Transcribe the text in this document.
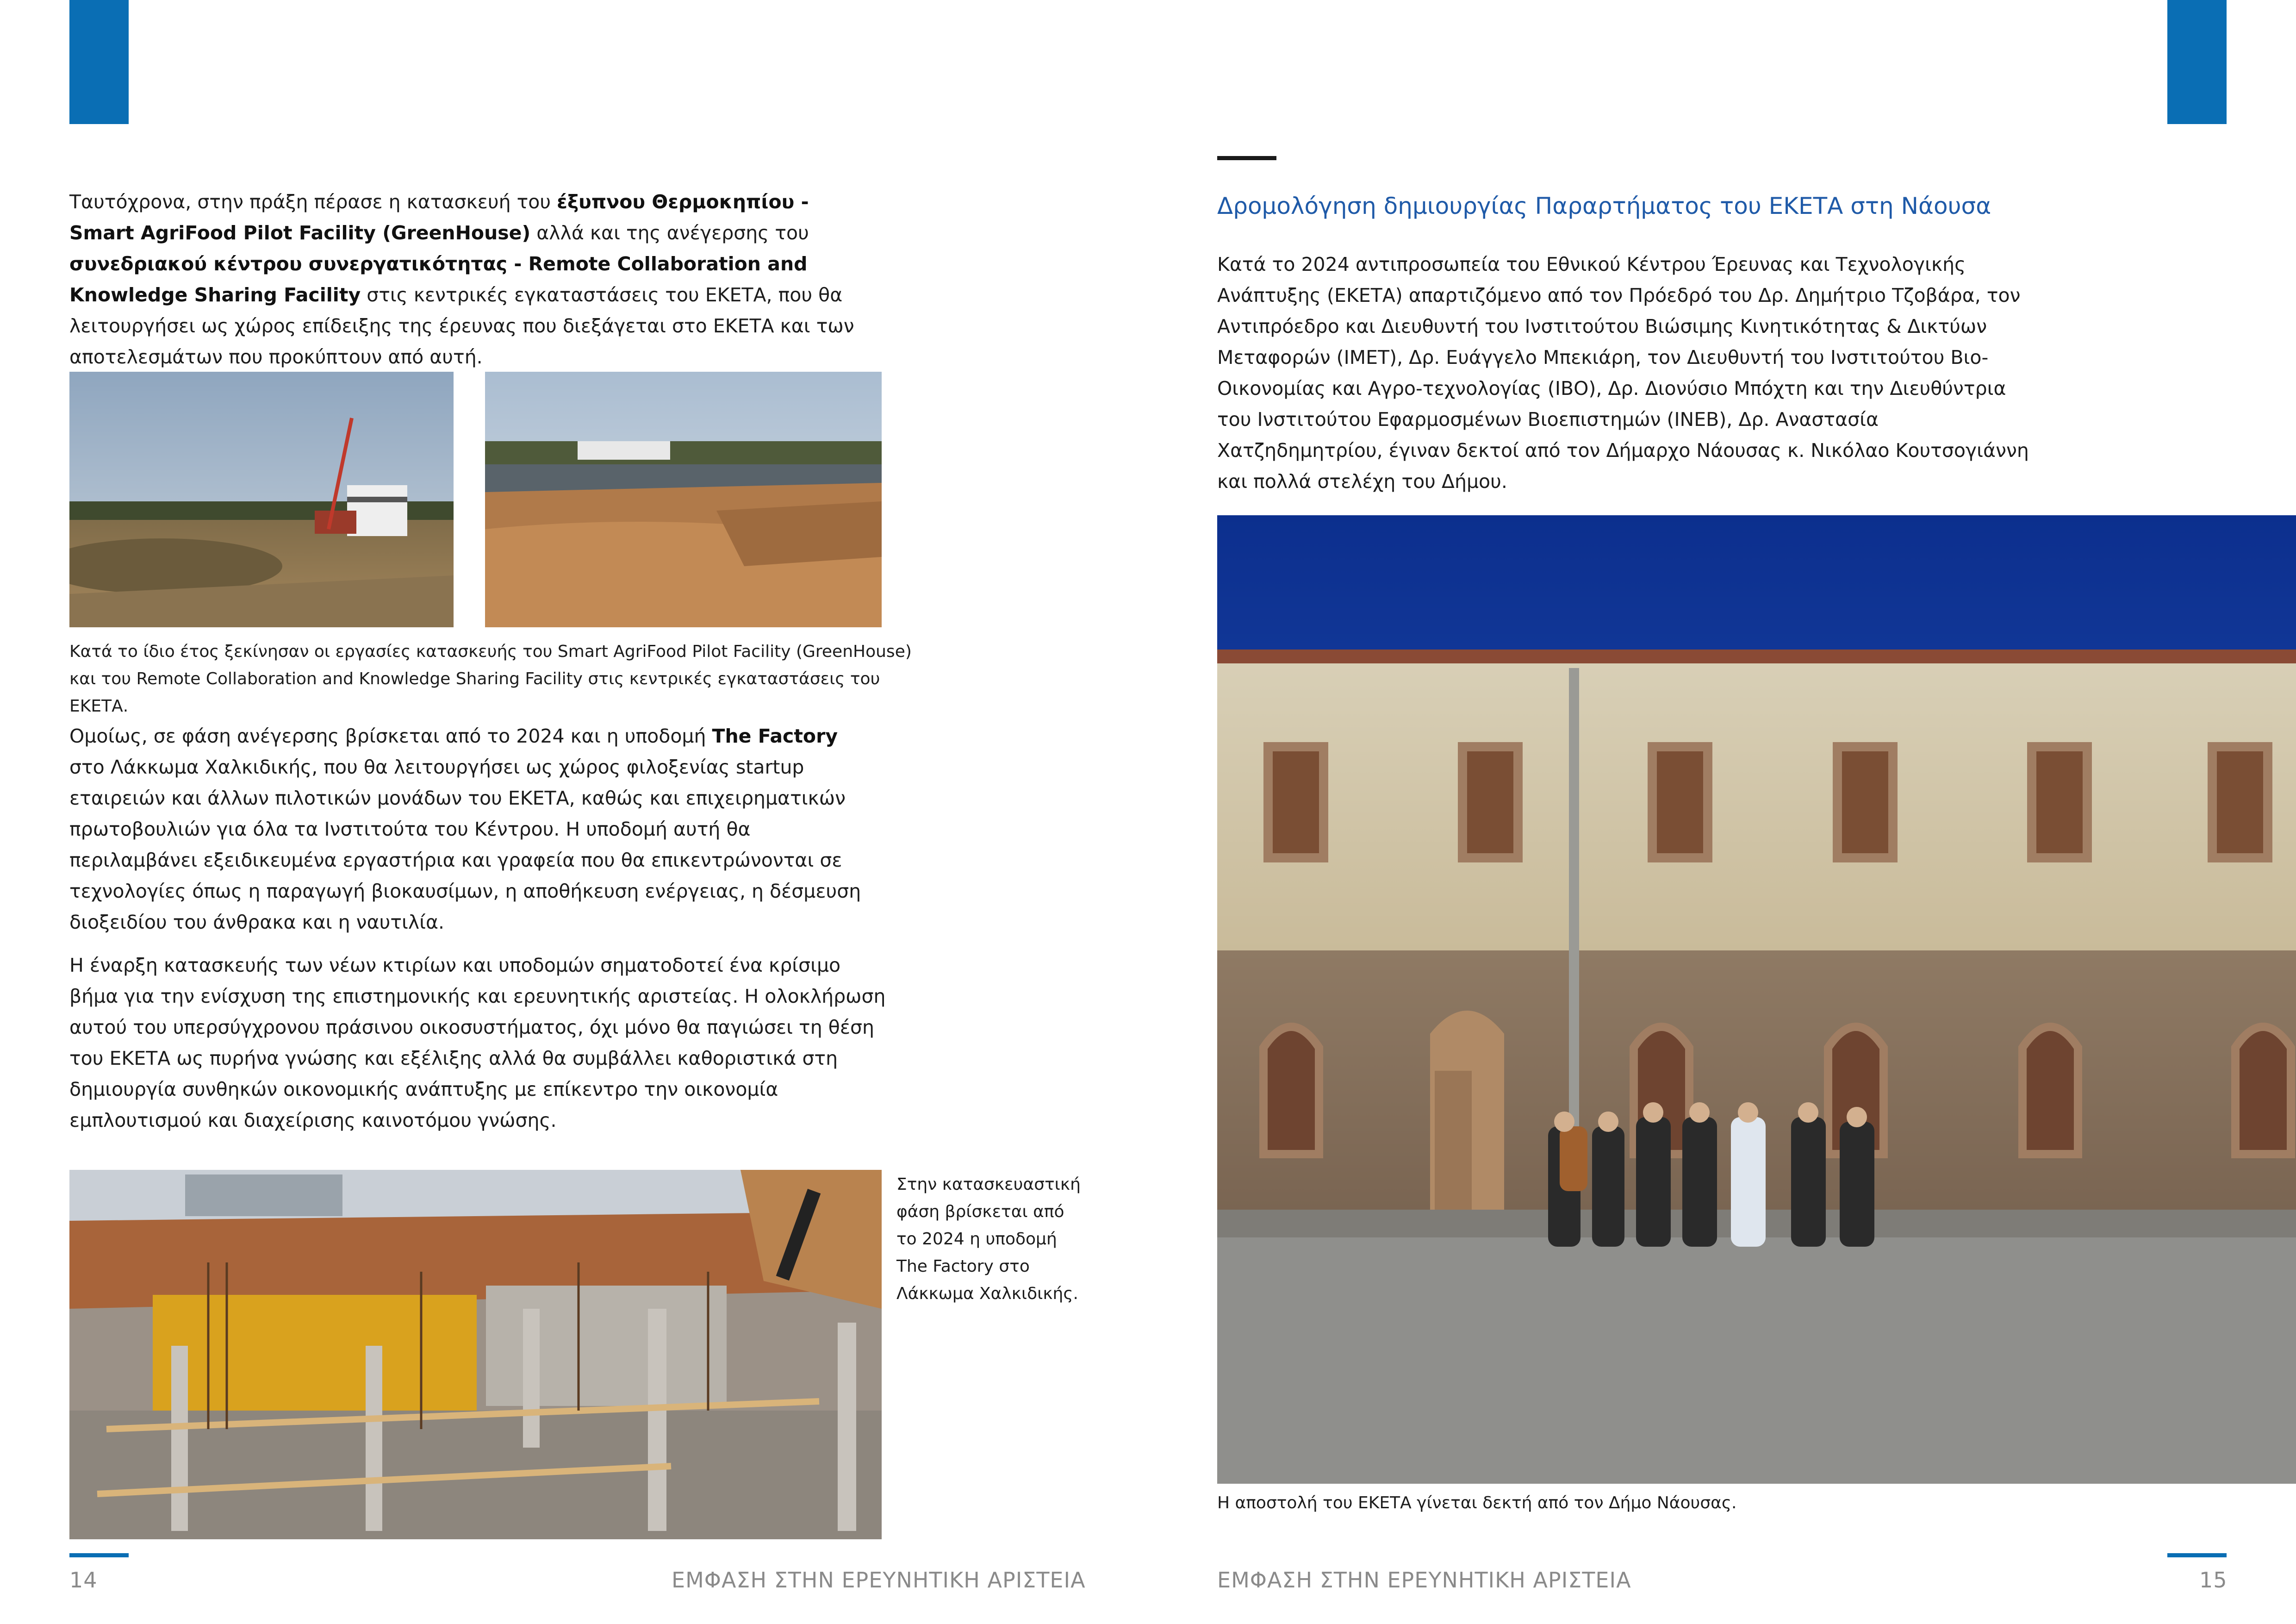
Ταυτόχρονα, στην πράξη πέρασε η κατασκευή του έξυπνου Θερμοκηπίου - Smart AgriFood Pilot Facility (GreenHouse) αλλά και της ανέγερσης του συνεδριακού κέντρου συνεργατικότητας - Remote Collaboration and Knowledge Sharing Facility στις κεντρικές εγκαταστάσεις του ΕΚΕΤΑ, που θα λειτουργήσει ως χώρος επίδειξης της έρευνας που διεξάγεται στο ΕΚΕΤΑ και των αποτελεσμάτων που προκύπτουν από αυτή.
Κατά το ίδιο έτος ξεκίνησαν οι εργασίες κατασκευής του Smart AgriFood Pilot Facility (GreenHouse) και του Remote Collaboration and Knowledge Sharing Facility στις κεντρικές εγκαταστάσεις του ΕΚΕΤΑ.
Ομοίως, σε φάση ανέγερσης βρίσκεται από το 2024 και η υποδομή The Factory στο Λάκκωμα Χαλκιδικής, που θα λειτουργήσει ως χώρος φιλοξενίας startup εταιρειών και άλλων πιλοτικών μονάδων του ΕΚΕΤΑ, καθώς και επιχειρηματικών πρωτοβουλιών για όλα τα Ινστιτούτα του Κέντρου. Η υποδομή αυτή θα περιλαμβάνει εξειδικευμένα εργαστήρια και γραφεία που θα επικεντρώνονται σε τεχνολογίες όπως η παραγωγή βιοκαυσίμων, η αποθήκευση ενέργειας, η δέσμευση διοξειδίου του άνθρακα και η ναυτιλία.
Η έναρξη κατασκευής των νέων κτιρίων και υποδομών σηματοδοτεί ένα κρίσιμο βήμα για την ενίσχυση της επιστημονικής και ερευνητικής αριστείας. Η ολοκλήρωση αυτού του υπερσύγχρονου πράσινου οικοσυστήματος, όχι μόνο θα παγιώσει τη θέση του ΕΚΕΤΑ ως πυρήνα γνώσης και εξέλιξης αλλά θα συμβάλλει καθοριστικά στη δημιουργία συνθηκών οικονομικής ανάπτυξης με επίκεντρο την οικονομία εμπλουτισμού και διαχείρισης καινοτόμου γνώσης.
Στην κατασκευαστική φάση βρίσκεται από το 2024 η υποδομή The Factory στο Λάκκωμα Χαλκιδικής.
14	ΕΜΦΑΣΗ ΣΤΗΝ ΕΡΕΥΝΗΤΙΚΗ ΑΡΙΣΤΕΙΑ
Δρομολόγηση δημιουργίας Παραρτήματος του ΕΚΕΤΑ στη Νάουσα
Κατά το 2024 αντιπροσωπεία του Εθνικού Κέντρου Έρευνας και Τεχνολογικής Ανάπτυξης (ΕΚΕΤΑ) απαρτιζόμενο από τον Πρόεδρό του Δρ. Δημήτριο Τζοβάρα, τον Αντιπρόεδρο και Διευθυντή του Ινστιτούτου Βιώσιμης Κινητικότητας & Δικτύων Μεταφορών (ΙΜΕΤ), Δρ. Ευάγγελο Μπεκιάρη, τον Διευθυντή του Ινστιτούτου Βιο-Οικονομίας και Αγρο-τεχνολογίας (ΙΒΟ), Δρ. Διονύσιο Μπόχτη και την Διευθύντρια του Ινστιτούτου Εφαρμοσμένων Βιοεπιστημών (ΙΝΕΒ), Δρ. Αναστασία Χατζηδημητρίου, έγιναν δεκτοί από τον Δήμαρχο Νάουσας κ. Νικόλαο Κουτσογιάννη και πολλά στελέχη του Δήμου.
Η αποστολή του ΕΚΕΤΑ γίνεται δεκτή από τον Δήμο Νάουσας.
ΕΜΦΑΣΗ ΣΤΗΝ ΕΡΕΥΝΗΤΙΚΗ ΑΡΙΣΤΕΙΑ	15
